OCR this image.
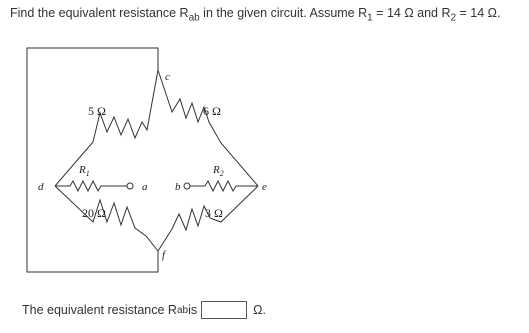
Find the equivalent resistance $R_{ab}$ in the given circuit. Assume $R_1 = 14$ Ω and $R_2 = 14$ Ω.
c
d	a	b	e
f
5 Ω	6 Ω
20 Ω	3 Ω
$R_1$	$R_2$
The equivalent resistance R ab is	Ω.
